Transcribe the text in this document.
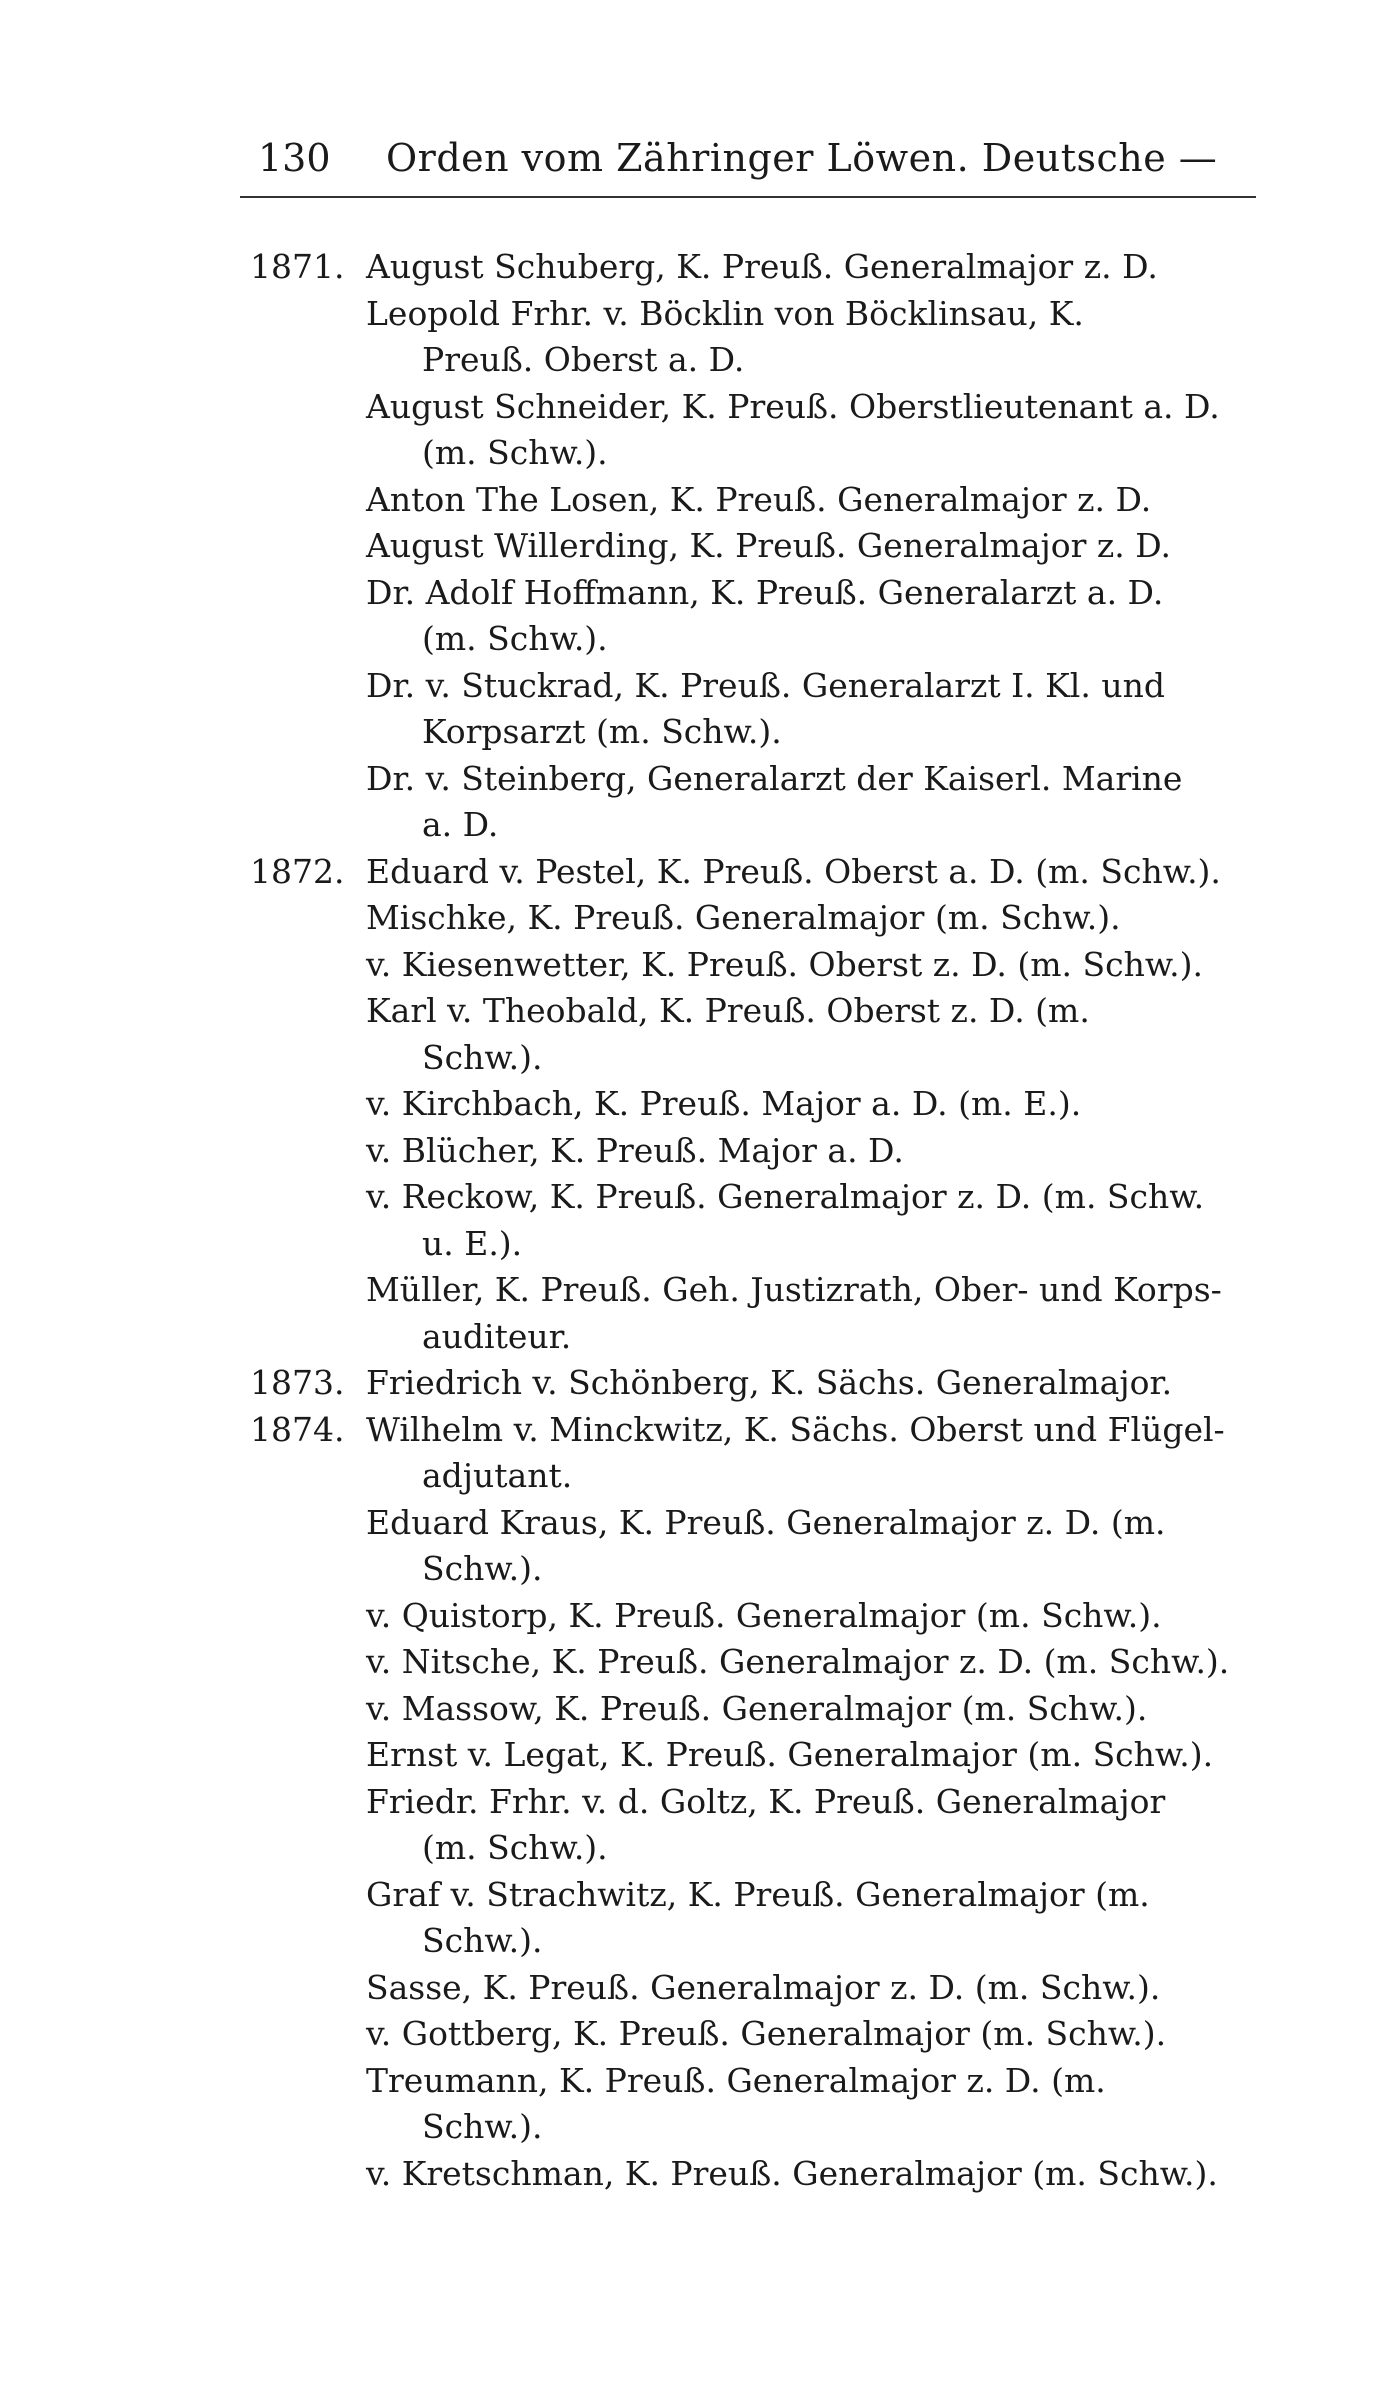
130 Orden vom Zähringer Löwen. Deutsche —
1871. August Schuberg, K. Preuß. Generalmajor z. D.
Leopold Frhr. v. Böcklin von Böcklinsau, K.
Preuß. Oberst a. D.
August Schneider, K. Preuß. Oberstlieutenant a. D.
(m. Schw.).
Anton The Losen, K. Preuß. Generalmajor z. D.
August Willerding, K. Preuß. Generalmajor z. D.
Dr. Adolf Hoffmann, K. Preuß. Generalarzt a. D.
(m. Schw.).
Dr. v. Stuckrad, K. Preuß. Generalarzt I. Kl. und
Korpsarzt (m. Schw.).
Dr. v. Steinberg, Generalarzt der Kaiserl. Marine
a. D.
1872. Eduard v. Pestel, K. Preuß. Oberst a. D. (m. Schw.).
Mischke, K. Preuß. Generalmajor (m. Schw.).
v. Kiesenwetter, K. Preuß. Oberst z. D. (m. Schw.).
Karl v. Theobald, K. Preuß. Oberst z. D. (m.
Schw.).
v. Kirchbach, K. Preuß. Major a. D. (m. E.).
v. Blücher, K. Preuß. Major a. D.
v. Reckow, K. Preuß. Generalmajor z. D. (m. Schw.
u. E.).
Müller, K. Preuß. Geh. Justizrath, Ober- und Korps-
auditeur.
1873. Friedrich v. Schönberg, K. Sächs. Generalmajor.
1874. Wilhelm v. Minckwitz, K. Sächs. Oberst und Flügel-
adjutant.
Eduard Kraus, K. Preuß. Generalmajor z. D. (m.
Schw.).
v. Quistorp, K. Preuß. Generalmajor (m. Schw.).
v. Nitsche, K. Preuß. Generalmajor z. D. (m. Schw.).
v. Massow, K. Preuß. Generalmajor (m. Schw.).
Ernst v. Legat, K. Preuß. Generalmajor (m. Schw.).
Friedr. Frhr. v. d. Goltz, K. Preuß. Generalmajor
(m. Schw.).
Graf v. Strachwitz, K. Preuß. Generalmajor (m.
Schw.).
Sasse, K. Preuß. Generalmajor z. D. (m. Schw.).
v. Gottberg, K. Preuß. Generalmajor (m. Schw.).
Treumann, K. Preuß. Generalmajor z. D. (m.
Schw.).
v. Kretschman, K. Preuß. Generalmajor (m. Schw.).
